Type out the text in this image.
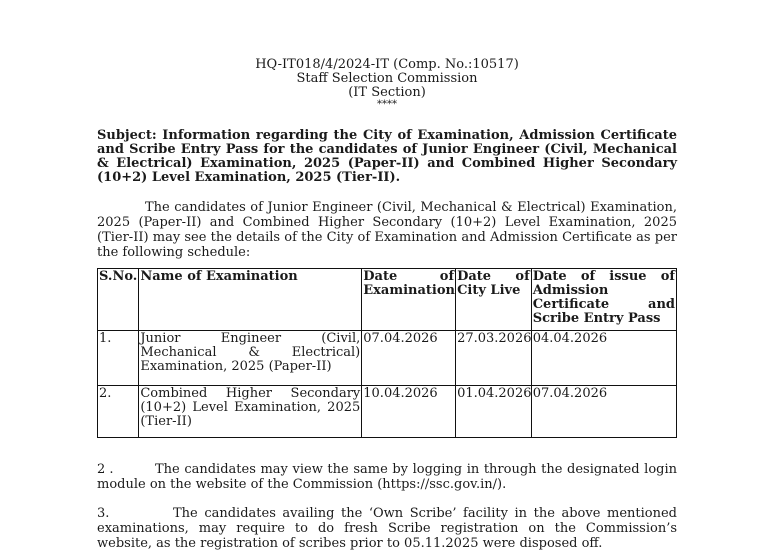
HQ-IT018/4/2024-IT (Comp. No.:10517)
Staff Selection Commission
(IT Section)
****
Subject: Information regarding the City of Examination, Admission Certificate and Scribe Entry Pass for the candidates of Junior Engineer (Civil, Mechanical & Electrical) Examination, 2025 (Paper-II) and Combined Higher Secondary (10+2) Level Examination, 2025 (Tier-II).
The candidates of Junior Engineer (Civil, Mechanical & Electrical) Examination, 2025 (Paper-II) and Combined Higher Secondary (10+2) Level Examination, 2025 (Tier-II) may see the details of the City of Examination and Admission Certificate as per the following schedule:
S.No.	Name of Examination	Date of Examination	Date of City Live	Date of issue of Admission Certificate and Scribe Entry Pass
1.	Junior Engineer (Civil, Mechanical & Electrical) Examination, 2025 (Paper-II)	07.04.2026	27.03.2026	04.04.2026
2.	Combined Higher Secondary (10+2) Level Examination, 2025 (Tier-II)	10.04.2026	01.04.2026	07.04.2026
2 .	The candidates may view the same by logging in through the designated login module on the website of the Commission (https://ssc.gov.in/).
3.	The candidates availing the ‘Own Scribe’ facility in the above mentioned examinations, may require to do fresh Scribe registration on the Commission’s website, as the registration of scribes prior to 05.11.2025 were disposed off.
